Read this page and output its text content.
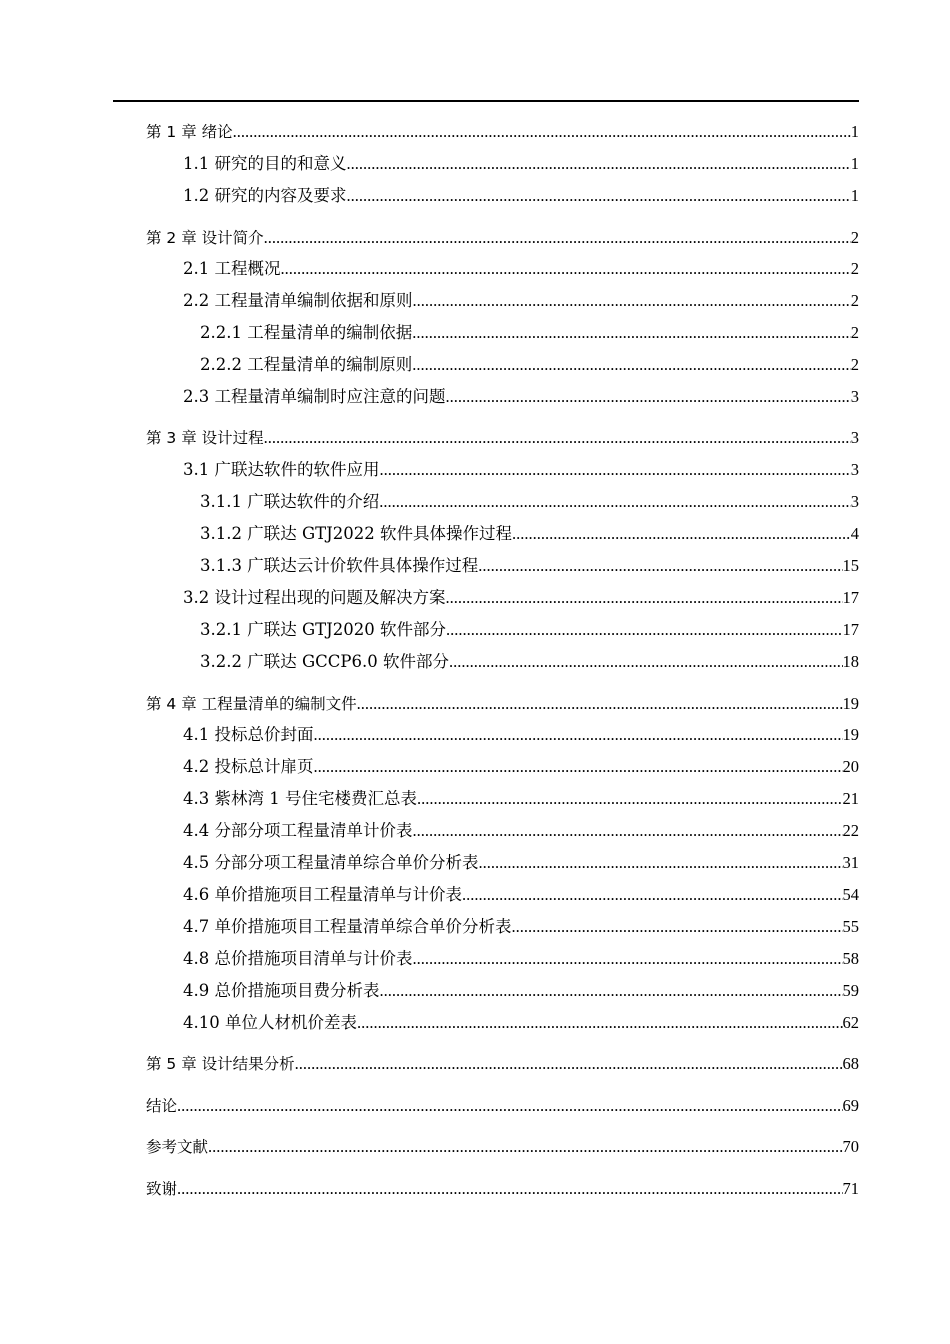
第 1 章 绪论 .....	1
1.1 研究的目的和意义 .....	1
1.2 研究的内容及要求 .....	1
第 2 章 设计简介 .....	2
2.1 工程概况 .....	2
2.2 工程量清单编制依据和原则 .....	2
2.2.1 工程量清单的编制依据 .....	2
2.2.2 工程量清单的编制原则 .....	2
2.3 工程量清单编制时应注意的问题 .....	3
第 3 章 设计过程 .....	3
3.1 广联达软件的软件应用 .....	3
3.1.1 广联达软件的介绍 .....	3
3.1.2 广联达 GTJ2022 软件具体操作过程 .....	4
3.1.3 广联达云计价软件具体操作过程 .....	15
3.2 设计过程出现的问题及解决方案 .....	17
3.2.1 广联达 GTJ2020 软件部分 .....	17
3.2.2 广联达 GCCP6.0 软件部分 .....	18
第 4 章 工程量清单的编制文件 .....	19
4.1 投标总价封面 .....	19
4.2 投标总计扉页 .....	20
4.3 紫林湾 1 号住宅楼费汇总表 .....	21
4.4 分部分项工程量清单计价表 .....	22
4.5 分部分项工程量清单综合单价分析表 .....	31
4.6 单价措施项目工程量清单与计价表 .....	54
4.7 单价措施项目工程量清单综合单价分析表 .....	55
4.8 总价措施项目清单与计价表 .....	58
4.9 总价措施项目费分析表 .....	59
4.10 单位人材机价差表 .....	62
第 5 章 设计结果分析 .....	68
结论 .....	69
参考文献 .....	70
致谢 .....	71
